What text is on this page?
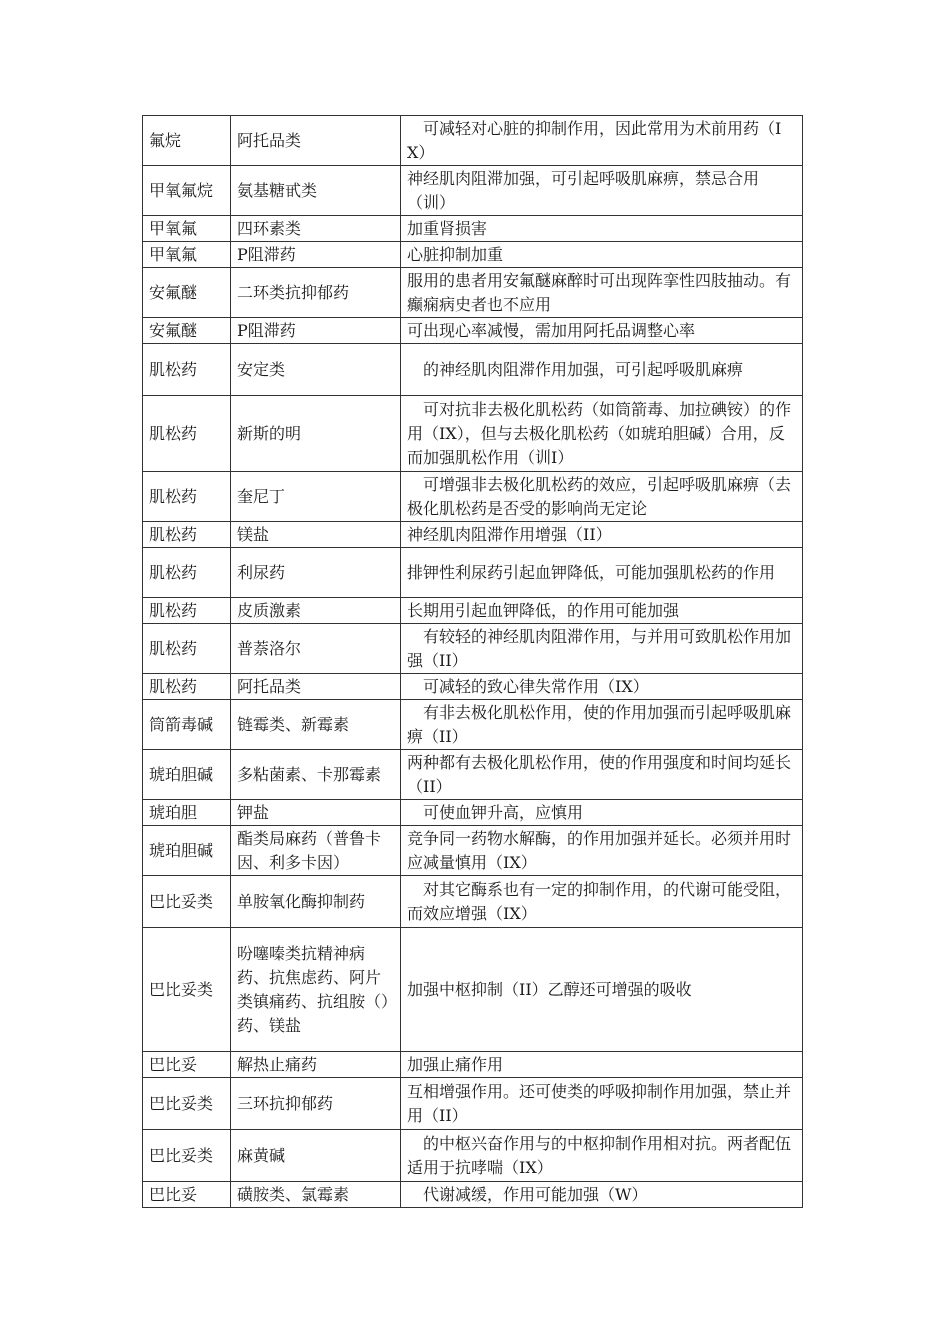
氟烷	阿托品类	可减轻对心脏的抑制作用，因此常用为术前用药（IX）
甲氧氟烷	氨基糖甙类	神经肌肉阻滞加强，可引起呼吸肌麻痹，禁忌合用（训）
甲氧氟	四环素类	加重肾损害
甲氧氟	P阻滞药	心脏抑制加重
安氟醚	二环类抗抑郁药	服用的患者用安氟醚麻醉时可出现阵挛性四肢抽动。有癫痫病史者也不应用
安氟醚	P阻滞药	可出现心率减慢，需加用阿托品调整心率
肌松药	安定类	的神经肌肉阻滞作用加强，可引起呼吸肌麻痹
肌松药	新斯的明	可对抗非去极化肌松药（如筒箭毒、加拉碘铵）的作用（IX），但与去极化肌松药（如琥珀胆碱）合用，反而加强肌松作用（训Ⅰ）
肌松药	奎尼丁	可增强非去极化肌松药的效应，引起呼吸肌麻痹（去极化肌松药是否受的影响尚无定论
肌松药	镁盐	神经肌肉阻滞作用增强（II）
肌松药	利尿药	排钾性利尿药引起血钾降低，可能加强肌松药的作用
肌松药	皮质激素	长期用引起血钾降低，的作用可能加强
肌松药	普萘洛尔	有较轻的神经肌肉阻滞作用，与并用可致肌松作用加强（II）
肌松药	阿托品类	可减轻的致心律失常作用（IX）
筒箭毒碱	链霉类、新霉素	有非去极化肌松作用，使的作用加强而引起呼吸肌麻痹（II）
琥珀胆碱	多粘菌素、卡那霉素	两种都有去极化肌松作用，使的作用强度和时间均延长（II）
琥珀胆	钾盐	可使血钾升高，应慎用
琥珀胆碱	酯类局麻药（普鲁卡因、利多卡因）	竞争同一药物水解酶，的作用加强并延长。必须并用时应减量慎用（IX）
巴比妥类	单胺氧化酶抑制药	对其它酶系也有一定的抑制作用，的代谢可能受阻，而效应增强（IX）
巴比妥类	吩噻嗪类抗精神病药、抗焦虑药、阿片类镇痛药、抗组胺（）药、镁盐	加强中枢抑制（II）乙醇还可增强的吸收
巴比妥	解热止痛药	加强止痛作用
巴比妥类	三环抗抑郁药	互相增强作用。还可使类的呼吸抑制作用加强，禁止并用（II）
巴比妥类	麻黄碱	的中枢兴奋作用与的中枢抑制作用相对抗。两者配伍适用于抗哮喘（IX）
巴比妥	磺胺类、氯霉素	代谢减缓，作用可能加强（W）
